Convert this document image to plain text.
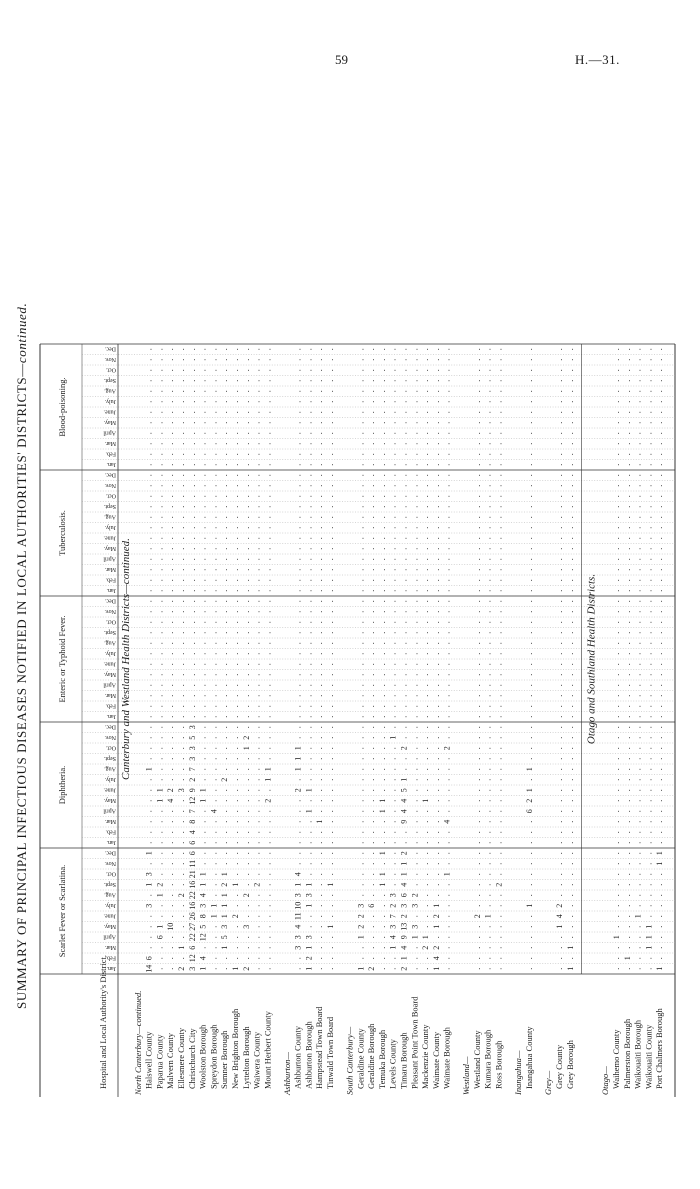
59	H.—31.
SUMMARY OF PRINCIPAL INFECTIOUS DISEASES NOTIFIED IN LOCAL AUTHORITIES' DISTRICTS—continued.
Hospital and Local Authority's District.
Scarlet Fever or Scarlatina.
Jan.
Feb.
Mar.
April
May.
June.
July.
Aug.
Sept.
Oct.
Nov.
Dec.
Diphtheria.
Jan.
Feb.
Mar.
April
May.
June.
July.
Aug.
Sept.
Oct.
Nov.
Dec.
Enteric or Typhoid Fever.
Jan.
Feb.
Mar.
April
May.
June.
July.
Aug.
Sept.
Oct.
Nov.
Dec.
Tuberculosis.
Jan.
Feb.
Mar.
April
May.
June.
July.
Aug.
Sept.
Oct.
Nov.
Dec.
Blood-poisoning.
Jan.
Feb.
Mar.
April
May.
June.
July.
Aug.
Sept.
Oct.
Nov.
Dec.
Canterbury and Westland Health Districts—continued.
North Canterbury—continued. Halswell County
14
6
.
.
.
.
3
.
1
3
.
1
.
.
.
.
.
.
.
1
.
.
.
.
.
.
.
.
.
.
.
.
.
.
.
.
.
.
.
.
.
.
.
.
.
.
.
.
.
.
.
.
.
.
.
.
.
.
.
.
Paparua County
.
.
.
6
1
.
.
1
2
.
.
.
.
.
.
.
1
1
.
.
.
.
.
.
.
.
.
.
.
.
.
.
.
.
.
.
.
.
.
.
.
.
.
.
.
.
.
.
.
.
.
.
.
.
.
.
.
.
.
.
Malvern County
.
.
.
.
10
.
.
.
.
.
.
.
.
.
.
.
4
2
.
.
.
.
.
.
.
.
.
.
.
.
.
.
.
.
.
.
.
.
.
.
.
.
.
.
.
.
.
.
.
.
.
.
.
.
.
.
.
.
.
.
Ellesmere County
2
.
1
.
.
.
.
2
.
.
.
.
.
.
.
.
.
3
.
.
.
.
.
.
.
.
.
.
.
.
.
.
.
.
.
.
.
.
.
.
.
.
.
.
.
.
.
.
.
.
.
.
.
.
.
.
.
.
.
.
Christchurch City
3
12
6
22
27
26
16
22
16
21
11
6
6
4
8
7
12
9
2
7
3
3
5
3
.
.
.
.
.
.
.
.
.
.
.
.
.
.
.
.
.
.
.
.
.
.
.
.
.
.
.
.
.
.
.
.
.
.
.
.
Woolston Borough
1
4
.
12
5
8
3
4
1
1
.
.
.
.
.
.
1
1
.
.
.
.
.
.
.
.
.
.
.
.
.
.
.
.
.
.
.
.
.
.
.
.
.
.
.
.
.
.
.
.
.
.
.
.
.
.
.
.
.
.
Spreydon Borough
.
.
.
.
.
1
1
.
.
.
.
.
.
.
.
4
.
.
.
.
.
.
.
.
.
.
.
.
.
.
.
.
.
.
.
.
.
.
.
.
.
.
.
.
.
.
.
.
.
.
.
.
.
.
.
.
.
.
.
.
Sumner Borough
.
.
1
5
3
1
1
1
2
1
.
.
.
.
.
.
.
.
2
.
.
.
.
.
.
.
.
.
.
.
.
.
.
.
.
.
.
.
.
.
.
.
.
.
.
.
.
.
.
.
.
.
.
.
.
.
.
.
.
.
New Brighton Borough
1
.
.
.
.
2
.
.
1
.
.
.
.
.
.
.
.
.
.
.
.
.
.
.
.
.
.
.
.
.
.
.
.
.
.
.
.
.
.
.
.
.
.
.
.
.
.
.
.
.
.
.
.
.
.
.
.
.
.
.
Lyttelton Borough
2
.
.
.
3
.
.
2
.
.
.
.
.
.
.
.
.
.
.
.
.
1
2
.
.
.
.
.
.
.
.
.
.
.
.
.
.
.
.
.
.
.
.
.
.
.
.
.
.
.
.
.
.
.
.
.
.
.
.
.
Waiwera County
.
.
.
.
.
.
.
.
2
.
.
.
.
.
.
.
.
.
.
.
.
.
.
.
.
.
.
.
.
.
.
.
.
.
.
.
.
.
.
.
.
.
.
.
.
.
.
.
.
.
.
.
.
.
.
.
.
.
.
.
Mount Herbert County
.
.
.
.
.
.
.
.
.
.
.
.
.
.
.
.
2
.
1
1
.
.
.
.
.
.
.
.
.
.
.
.
.
.
.
.
.
.
.
.
.
.
.
.
.
.
.
.
.
.
.
.
.
.
.
.
.
.
.
.
Ashburton— Ashburton County
.
.
3
3
4
11
10
3
1
4
.
.
.
.
.
.
.
2
.
1
1
1
.
.
.
.
.
.
.
.
.
.
.
.
.
.
.
.
.
.
.
.
.
.
.
.
.
.
.
.
.
.
.
.
.
.
.
.
.
.
Ashburton Borough
1
2
1
3
.
.
1
3
1
.
.
.
.
.
.
1
.
1
.
.
.
.
.
.
.
.
.
.
.
.
.
.
.
.
.
.
.
.
.
.
.
.
.
.
.
.
.
.
.
.
.
.
.
.
.
.
.
.
.
.
Hampstead Town Board
.
.
.
.
.
.
.
.
.
.
.
.
.
.
1
.
.
.
.
.
.
.
.
.
.
.
.
.
.
.
.
.
.
.
.
.
.
.
.
.
.
.
.
.
.
.
.
.
.
.
.
.
.
.
.
.
.
.
.
.
Tinwald Town Board
.
.
.
.
1
.
.
.
1
.
.
.
.
.
.
.
.
.
.
.
.
.
.
.
.
.
.
.
.
.
.
.
.
.
.
.
.
.
.
.
.
.
.
.
.
.
.
.
.
.
.
.
.
.
.
.
.
.
.
.
South Canterbury— Geraldine County
1
.
.
1
2
2
3
.
.
.
.
.
.
.
.
.
.
.
.
.
.
.
.
.
.
.
.
.
.
.
.
.
.
.
.
.
.
.
.
.
.
.
.
.
.
.
.
.
.
.
.
.
.
.
.
.
.
.
.
.
Geraldine Borough
2
.
.
.
.
.
6
.
.
.
.
.
.
.
.
.
.
.
.
.
.
.
.
.
.
.
.
.
.
.
.
.
.
.
.
.
.
.
.
.
.
.
.
.
.
.
.
.
.
.
.
.
.
.
.
.
.
.
.
.
Temuka Borough
.
.
.
.
.
.
.
.
1
1
.
1
.
.
.
1
1
.
.
.
.
.
.
.
.
.
.
.
.
.
.
.
.
.
.
.
.
.
.
.
.
.
.
.
.
.
.
.
.
.
.
.
.
.
.
.
.
.
.
.
Levels County
.
.
1
4
3
7
2
3
.
.
.
.
.
.
.
.
.
.
.
.
.
.
1
.
.
.
.
.
.
.
.
.
.
.
.
.
.
.
.
.
.
.
.
.
.
.
.
.
.
.
.
.
.
.
.
.
.
.
.
.
Timaru Borough
2
1
4
9
13
2
3
6
4
1
1
2
.
.
9
4
4
5
1
.
.
2
.
.
.
.
.
.
.
.
.
.
.
.
.
.
.
.
.
.
.
.
.
.
.
.
.
.
.
.
.
.
.
.
.
.
.
.
.
.
Pleasant Point Town Board
.
.
.
1
3
.
3
2
.
.
.
.
.
.
.
.
.
.
.
.
.
.
.
.
.
.
.
.
.
.
.
.
.
.
.
.
.
.
.
.
.
.
.
.
.
.
.
.
.
.
.
.
.
.
.
.
.
.
.
.
Mackenzie County
.
.
2
1
.
.
.
.
.
.
.
.
.
.
.
.
1
.
.
.
.
.
.
.
.
.
.
.
.
.
.
.
.
.
.
.
.
.
.
.
.
.
.
.
.
.
.
.
.
.
.
.
.
.
.
.
.
.
.
.
Waimate County
1
4
2
.
1
2
1
.
.
.
.
.
.
.
.
.
.
.
.
.
.
.
.
.
.
.
.
.
.
.
.
.
.
.
.
.
.
.
.
.
.
.
.
.
.
.
.
.
.
.
.
.
.
.
.
.
.
.
.
.
Waimate Borough
.
.
.
.
.
.
.
.
.
1
.
.
.
.
4
.
.
.
.
.
.
2
.
.
.
.
.
.
.
.
.
.
.
.
.
.
.
.
.
.
.
.
.
.
.
.
.
.
.
.
.
.
.
.
.
.
.
.
.
.
Westland— Westland County
.
.
.
.
.
2
.
.
.
.
.
.
.
.
.
.
.
.
.
.
.
.
.
.
.
.
.
.
.
.
.
.
.
.
.
.
.
.
.
.
.
.
.
.
.
.
.
.
.
.
.
.
.
.
.
.
.
.
.
.
Kumara Borough
.
.
.
.
.
1
.
.
.
.
.
.
.
.
.
.
.
.
.
.
.
.
.
.
.
.
.
.
.
.
.
.
.
.
.
.
.
.
.
.
.
.
.
.
.
.
.
.
.
.
.
.
.
.
.
.
.
.
.
.
Ross Borough
.
.
.
.
.
.
.
.
2
.
.
.
.
.
.
.
.
.
.
.
.
.
.
.
.
.
.
.
.
.
.
.
.
.
.
.
.
.
.
.
.
.
.
.
.
.
.
.
.
.
.
.
.
.
.
.
.
.
.
.
Inangahua— Inangahua County
.
.
.
.
.
.
1
.
.
.
.
.
.
.
.
6
2
1
.
1
.
.
.
.
.
.
.
.
.
.
.
.
.
.
.
.
.
.
.
.
.
.
.
.
.
.
.
.
.
.
.
.
.
.
.
.
.
.
.
.
Grey— Grey County
.
.
.
.
1
4
2
.
.
.
.
.
.
.
.
.
.
.
.
.
.
.
.
.
.
.
.
.
.
.
.
.
.
.
.
.
.
.
.
.
.
.
.
.
.
.
.
.
.
.
.
.
.
.
.
.
.
.
.
.
Grey Borough
1
.
1
.
.
.
.
.
.
.
.
.
.
.
.
.
.
.
.
.
.
.
.
.
.
.
.
.
.
.
.
.
.
.
.
.
.
.
.
.
.
.
.
.
.
.
.
.
.
.
.
.
.
.
.
.
.
.
.
.
Otago and Southland Health Districts.
Otago— Waihemo County
.
.
.
1
.
.
.
.
.
.
.
.
.
.
.
.
.
.
.
.
.
.
.
.
.
.
.
.
.
.
.
.
.
.
.
.
.
.
.
.
.
.
.
.
.
.
.
.
.
.
.
.
.
.
.
.
.
.
.
.
Palmerston Borough
.
1
.
.
.
.
.
.
.
.
.
.
.
.
.
.
.
.
.
.
.
.
.
.
.
.
.
.
.
.
.
.
.
.
.
.
.
.
.
.
.
.
.
.
.
.
.
.
.
.
.
.
.
.
.
.
.
.
.
.
Waikouaiti Borough
.
.
.
.
.
1
.
.
.
.
.
.
.
.
.
.
.
.
.
.
.
.
.
.
.
.
.
.
.
.
.
.
.
.
.
.
.
.
.
.
.
.
.
.
.
.
.
.
.
.
.
.
.
.
.
.
.
.
.
.
Waikouaiti County
.
.
1
1
1
.
.
.
.
.
.
.
.
.
.
.
.
.
.
.
.
.
.
.
.
.
.
.
.
.
.
.
.
.
.
.
.
.
.
.
.
.
.
.
.
.
.
.
.
.
.
.
.
.
.
.
.
.
.
.
Port Chalmers Borough
1
.
.
.
.
.
.
.
.
.
1
1
.
.
.
.
.
.
.
.
.
.
.
.
.
.
.
.
.
.
.
.
.
.
.
.
.
.
.
.
.
.
.
.
.
.
.
.
.
.
.
.
.
.
.
.
.
.
.
.
